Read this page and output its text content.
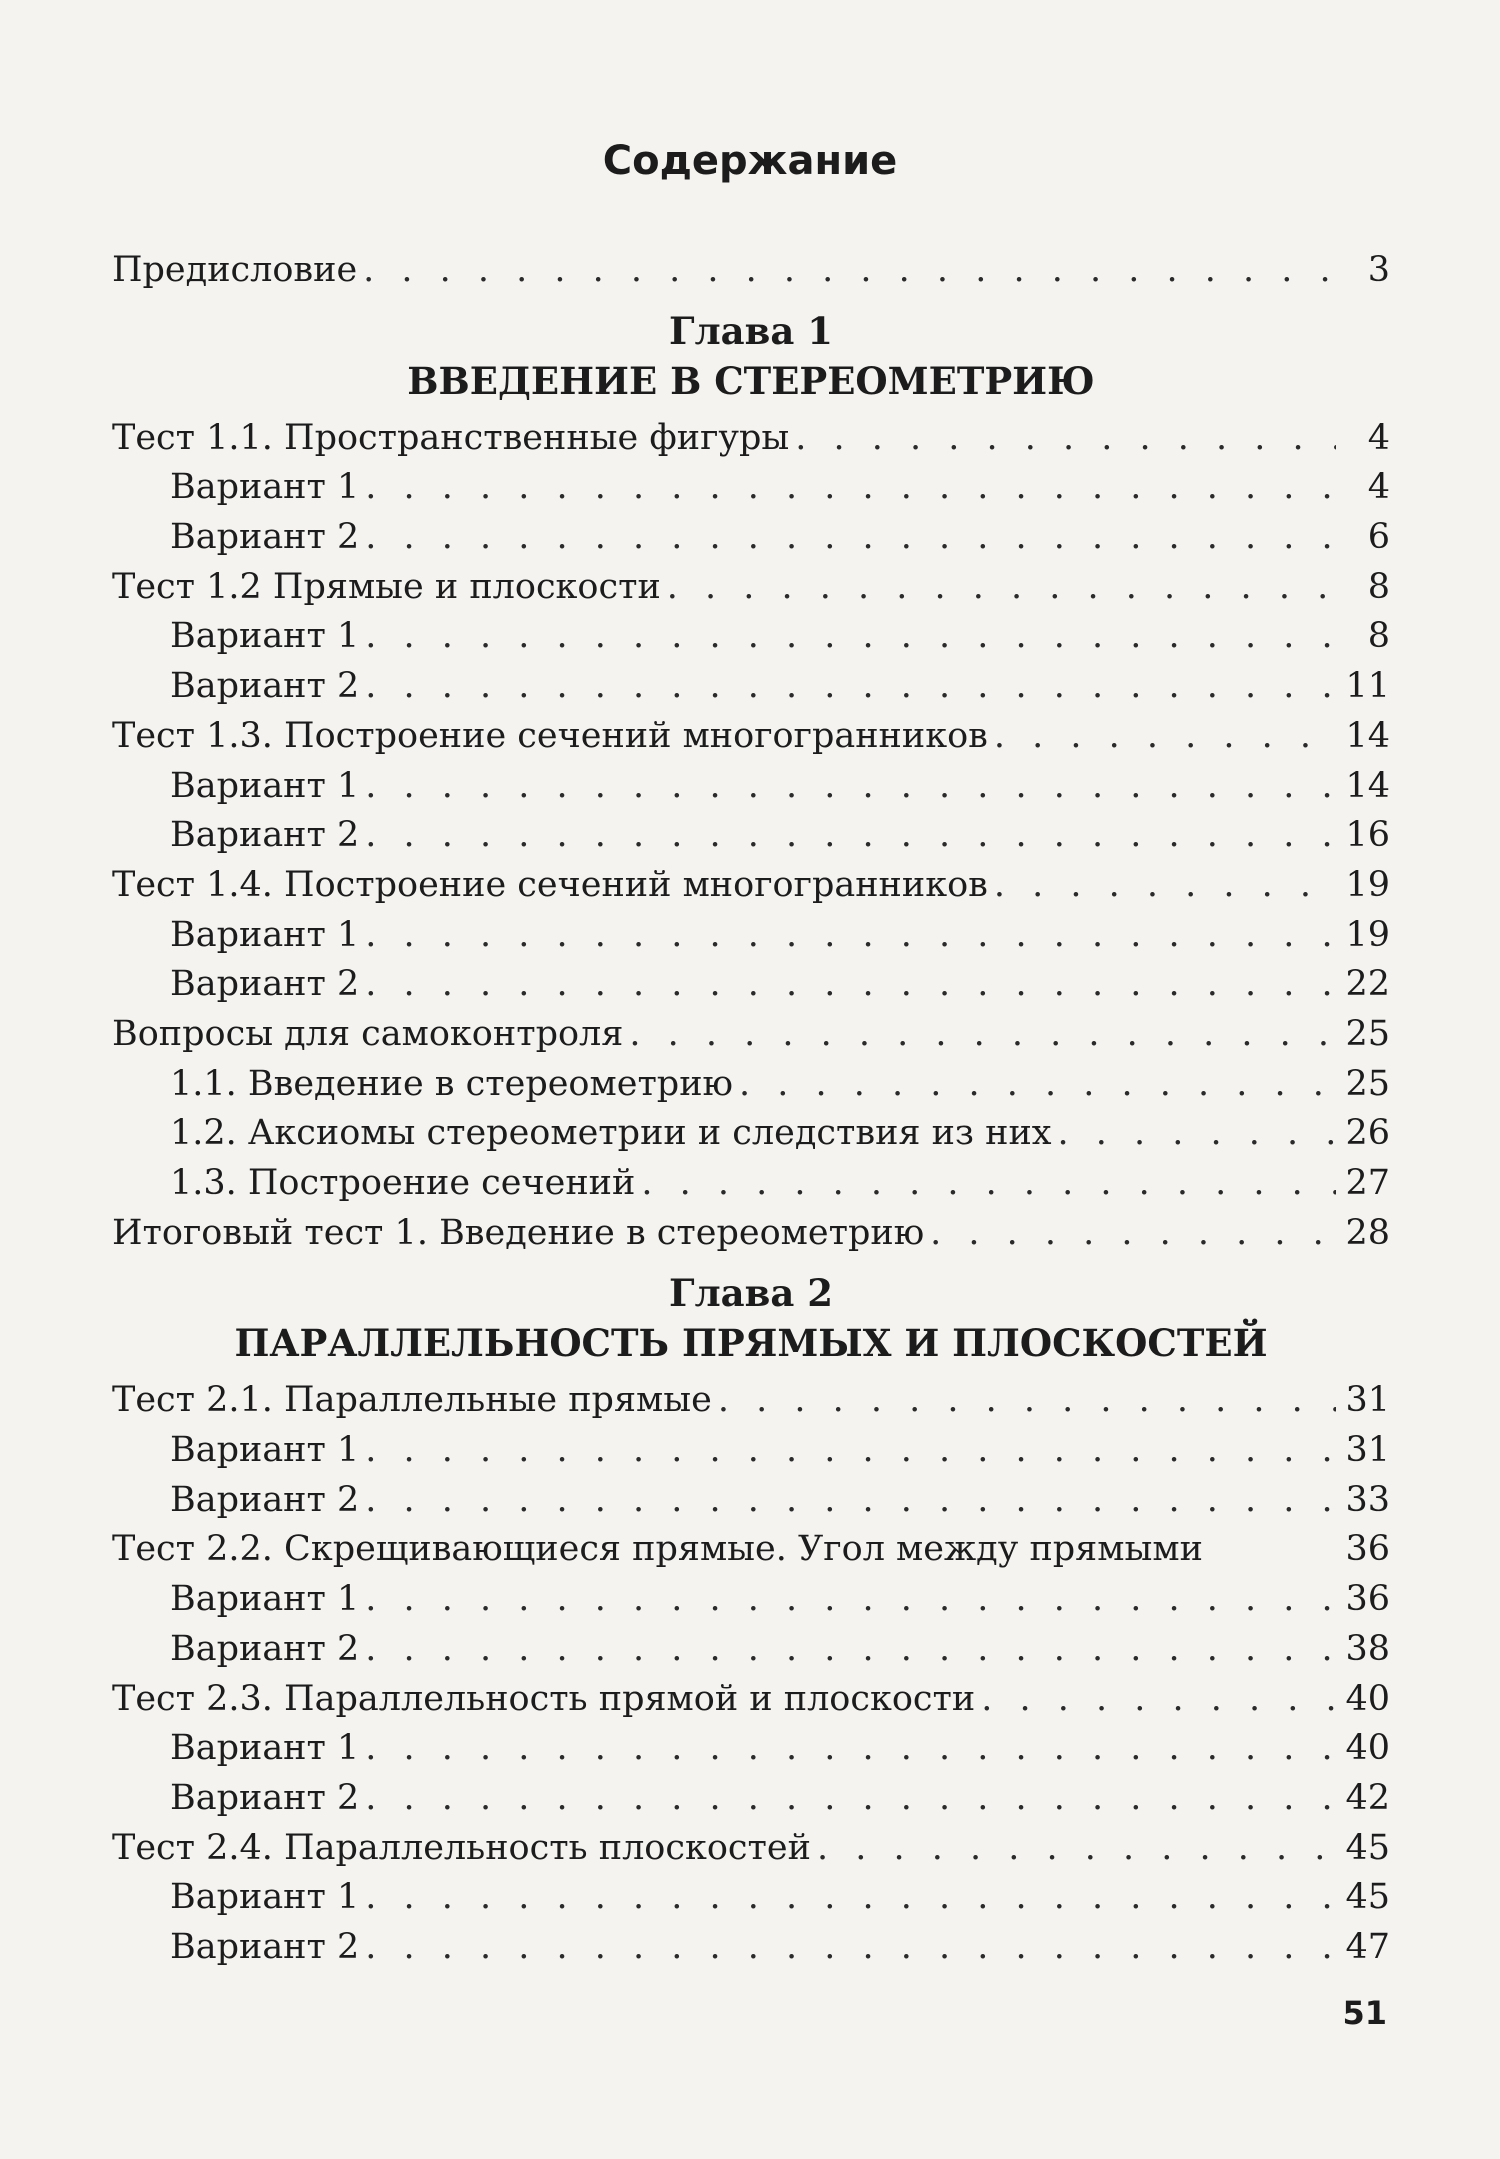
Содержание
Предисловие . . .	3
Глава 1
ВВЕДЕНИЕ В СТЕРЕОМЕТРИЮ
Тест 1.1. Пространственные фигуры . . .	4
Вариант 1 . . .	4
Вариант 2 . . .	6
Тест 1.2 Прямые и плоскости . . .	8
Вариант 1 . . .	8
Вариант 2 . . .	11
Тест 1.3. Построение сечений многогранников . . .	14
Вариант 1 . . .	14
Вариант 2 . . .	16
Тест 1.4. Построение сечений многогранников . . .	19
Вариант 1 . . .	19
Вариант 2 . . .	22
Вопросы для самоконтроля . . .	25
1.1. Введение в стереометрию . . .	25
1.2. Аксиомы стереометрии и следствия из них . . .	26
1.3. Построение сечений . . .	27
Итоговый тест 1. Введение в стереометрию . . .	28
Глава 2
ПАРАЛЛЕЛЬНОСТЬ ПРЯМЫХ И ПЛОСКОСТЕЙ
Тест 2.1. Параллельные прямые . . .	31
Вариант 1 . . .	31
Вариант 2 . . .	33
Тест 2.2. Скрещивающиеся прямые. Угол между прямыми	36
Вариант 1 . . .	36
Вариант 2 . . .	38
Тест 2.3. Параллельность прямой и плоскости . . .	40
Вариант 1 . . .	40
Вариант 2 . . .	42
Тест 2.4. Параллельность плоскостей . . .	45
Вариант 1 . . .	45
Вариант 2 . . .	47
51
